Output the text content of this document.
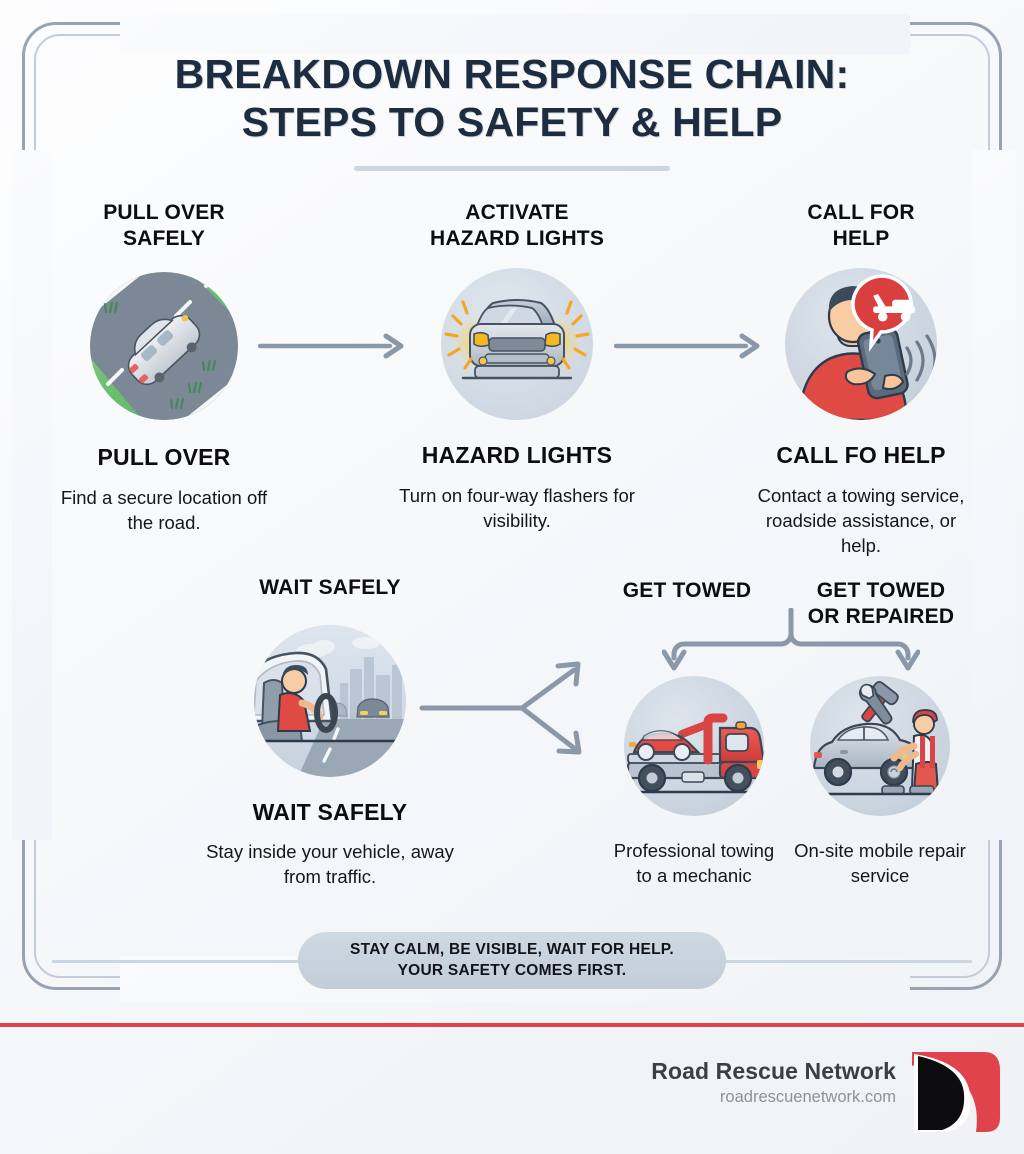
BREAKDOWN RESPONSE CHAIN:
STEPS TO SAFETY & HELP
PULL OVER
SAFELY
PULL OVER
Find a secure location off the road.
ACTIVATE
HAZARD LIGHTS
HAZARD LIGHTS
Turn on four-way flashers for visibility.
CALL FOR
HELP
CALL FO HELP
Contact a towing service, roadside assistance, or help.
WAIT SAFELY
WAIT SAFELY
Stay inside your vehicle, away from traffic.
GET TOWED	GET TOWED
OR REPAIRED
Professional towing to a mechanic
On-site mobile repair service
STAY CALM, BE VISIBLE, WAIT FOR HELP.
YOUR SAFETY COMES FIRST.
Road Rescue Network
roadrescuenetwork.com
